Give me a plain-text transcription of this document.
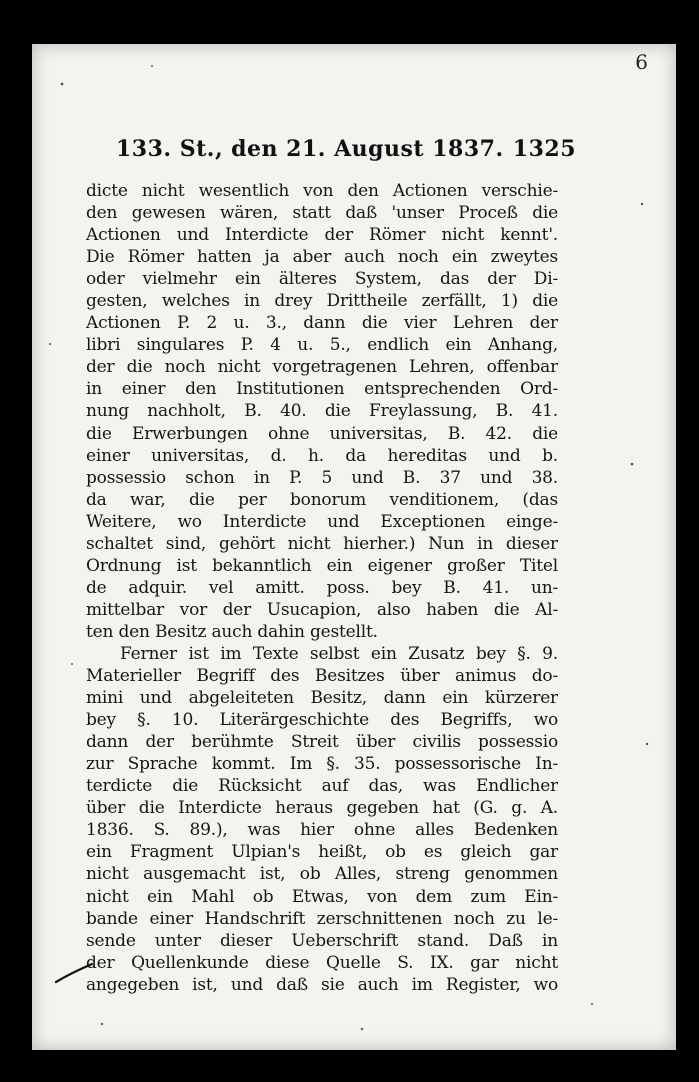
6
133. St., den 21. August 1837. 1325
dicte nicht wesentlich von den Actionen verschie-
den gewesen wären, statt daß 'unser Proceß die
Actionen und Interdicte der Römer nicht kennt'.
Die Römer hatten ja aber auch noch ein zweytes
oder vielmehr ein älteres System, das der Di-
gesten, welches in drey Drittheile zerfällt, 1) die
Actionen P. 2 u. 3., dann die vier Lehren der
libri singulares P. 4 u. 5., endlich ein Anhang,
der die noch nicht vorgetragenen Lehren, offenbar
in einer den Institutionen entsprechenden Ord-
nung nachholt, B. 40. die Freylassung, B. 41.
die Erwerbungen ohne universitas, B. 42. die
einer universitas, d. h. da hereditas und b.
possessio schon in P. 5 und B. 37 und 38.
da war, die per bonorum venditionem, (das
Weitere, wo Interdicte und Exceptionen einge-
schaltet sind, gehört nicht hierher.) Nun in dieser
Ordnung ist bekanntlich ein eigener großer Titel
de adquir. vel amitt. poss. bey B. 41. un-
mittelbar vor der Usucapion, also haben die Al-
ten den Besitz auch dahin gestellt.
Ferner ist im Texte selbst ein Zusatz bey §. 9.
Materieller Begriff des Besitzes über animus do-
mini und abgeleiteten Besitz, dann ein kürzerer
bey §. 10. Literärgeschichte des Begriffs, wo
dann der berühmte Streit über civilis possessio
zur Sprache kommt. Im §. 35. possessorische In-
terdicte die Rücksicht auf das, was Endlicher
über die Interdicte heraus gegeben hat (G. g. A.
1836. S. 89.), was hier ohne alles Bedenken
ein Fragment Ulpian's heißt, ob es gleich gar
nicht ausgemacht ist, ob Alles, streng genommen
nicht ein Mahl ob Etwas, von dem zum Ein-
bande einer Handschrift zerschnittenen noch zu le-
sende unter dieser Ueberschrift stand. Daß in
der Quellenkunde diese Quelle S. IX. gar nicht
angegeben ist, und daß sie auch im Register, wo
